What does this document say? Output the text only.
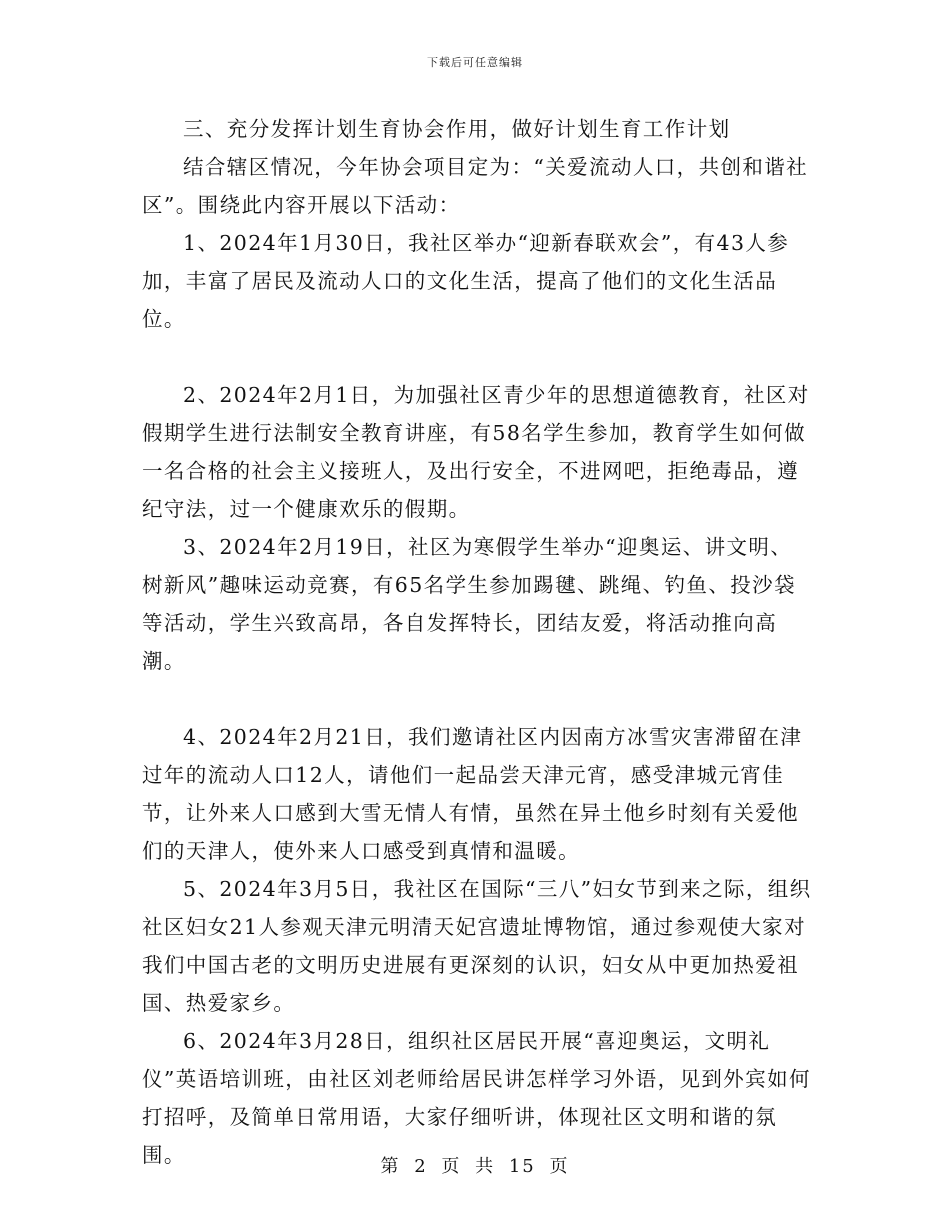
下载后可任意编辑

三、充分发挥计划生育协会作用，做好计划生育工作计划

结合辖区情况，今年协会项目定为：“关爱流动人口，共创和谐社区”。围绕此内容开展以下活动：

1、2024年1月30日，我社区举办“迎新春联欢会”，有43人参加，丰富了居民及流动人口的文化生活，提高了他们的文化生活品位。

2、2024年2月1日，为加强社区青少年的思想道德教育，社区对假期学生进行法制安全教育讲座，有58名学生参加，教育学生如何做一名合格的社会主义接班人，及出行安全，不进网吧，拒绝毒品，遵纪守法，过一个健康欢乐的假期。

3、2024年2月19日，社区为寒假学生举办“迎奥运、讲文明、树新风”趣味运动竞赛，有65名学生参加踢毽、跳绳、钓鱼、投沙袋等活动，学生兴致高昂，各自发挥特长，团结友爱，将活动推向高潮。

4、2024年2月21日，我们邀请社区内因南方冰雪灾害滞留在津过年的流动人口12人，请他们一起品尝天津元宵，感受津城元宵佳节，让外来人口感到大雪无情人有情，虽然在异土他乡时刻有关爱他们的天津人，使外来人口感受到真情和温暖。

5、2024年3月5日，我社区在国际“三八”妇女节到来之际，组织社区妇女21人参观天津元明清天妃宫遗址博物馆，通过参观使大家对我们中国古老的文明历史进展有更深刻的认识，妇女从中更加热爱祖国、热爱家乡。

6、2024年3月28日，组织社区居民开展“喜迎奥运，文明礼仪”英语培训班，由社区刘老师给居民讲怎样学习外语，见到外宾如何打招呼，及简单日常用语，大家仔细听讲，体现社区文明和谐的氛围。	第 2 页 共 15 页
